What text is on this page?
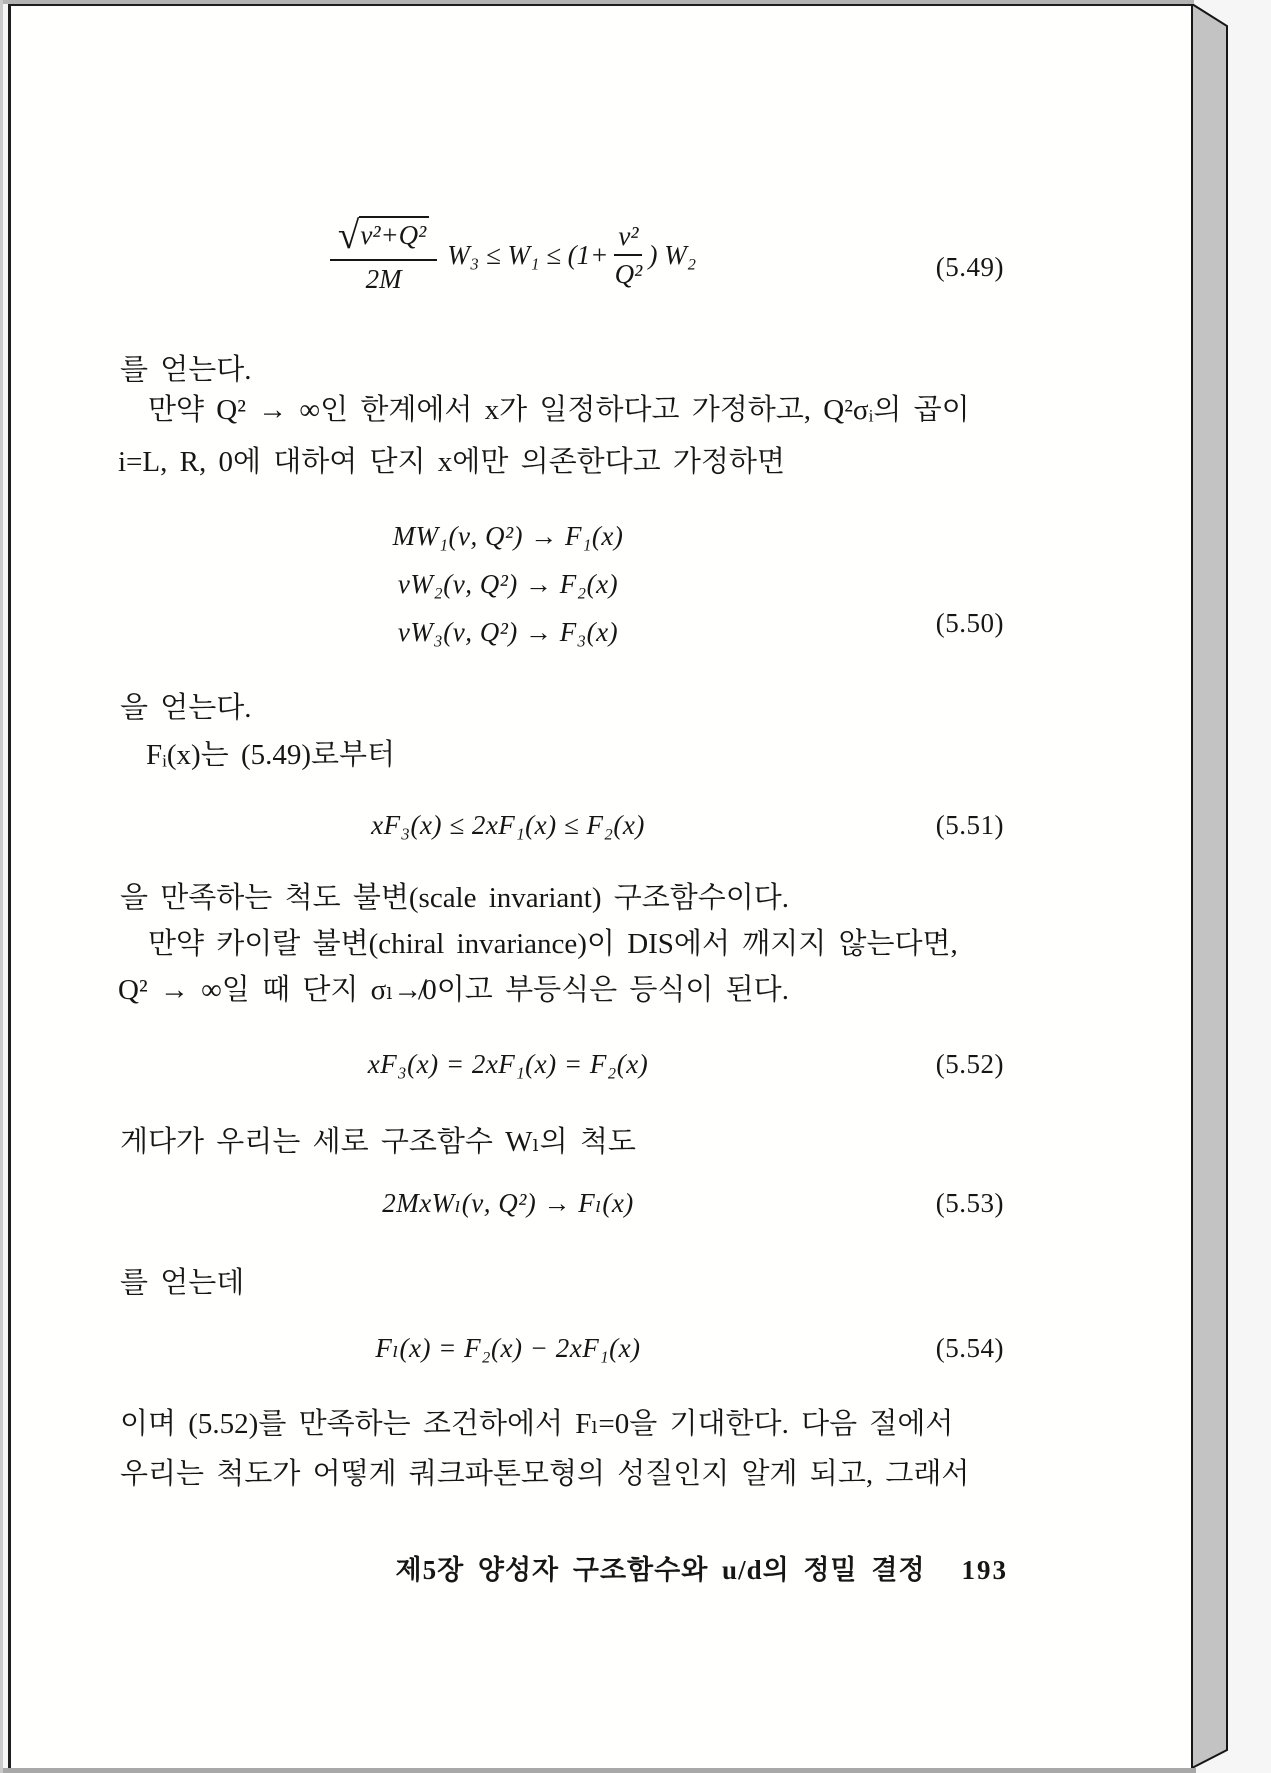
$\frac{\text{√ν²+Q²}}{2M} W_3 \le W_1 \le (1+ \frac{\text{ν²}}{\text{Q²}}$ ) W₂	(5.49)
를 얻는다.
만약 Q² → ∞인 한계에서 x가 일정하다고 가정하고, Q²σᵢ의 곱이
i=L, R, 0에 대하여 단지 x에만 의존한다고 가정하면
MW₁(ν, Q²) → F₁(x)
νW₂(ν, Q²) → F₂(x)
νW₃(ν, Q²) → F₃(x)	(5.50)
을 얻는다.
Fᵢ(x)는 (5.49)로부터
xF₃(x) ≤ 2xF₁(x) ≤ F₂(x)	(5.51)
을 만족하는 척도 불변(scale invariant) 구조함수이다.
만약 카이랄 불변(chiral invariance)이 DIS에서 깨지지 않는다면,
Q² → ∞일 때 단지 σₗ↛0이고 부등식은 등식이 된다.
xF₃(x) = 2xF₁(x) = F₂(x)	(5.52)
게다가 우리는 세로 구조함수 Wₗ의 척도
2MxWₗ(ν, Q²) → Fₗ(x)	(5.53)
를 얻는데
Fₗ(x) = F₂(x) − 2xF₁(x)	(5.54)
이며 (5.52)를 만족하는 조건하에서 Fₗ=0을 기대한다. 다음 절에서
우리는 척도가 어떻게 쿼크파톤모형의 성질인지 알게 되고, 그래서
제5장 양성자 구조함수와 u/d의 정밀 결정 193
